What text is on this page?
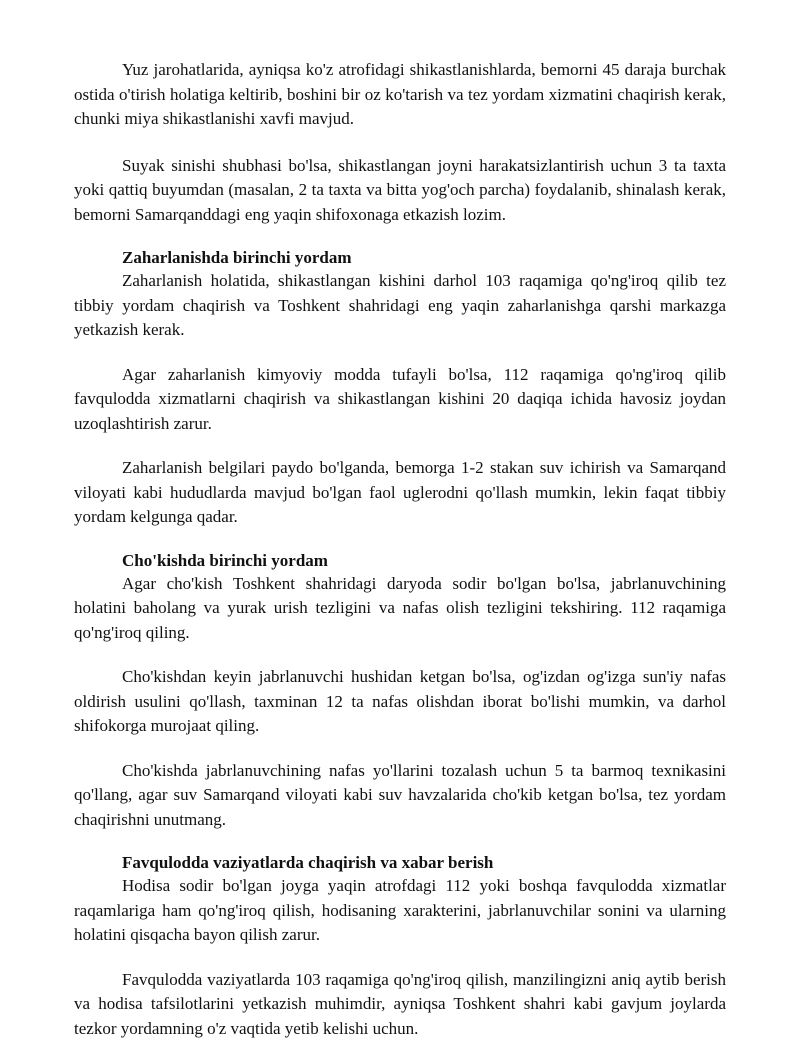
Yuz jarohatlarida, ayniqsa ko'z atrofidagi shikastlanishlarda, bemorni 45 daraja burchak ostida o'tirish holatiga keltirib, boshini bir oz ko'tarish va tez yordam xizmatini chaqirish kerak, chunki miya shikastlanishi xavfi mavjud.

Suyak sinishi shubhasi bo'lsa, shikastlangan joyni harakatsizlantirish uchun 3 ta taxta yoki qattiq buyumdan (masalan, 2 ta taxta va bitta yog'och parcha) foydalanib, shinalash kerak, bemorni Samarqanddagi eng yaqin shifoxonaga etkazish lozim.

Zaharlanishda birinchi yordam

Zaharlanish holatida, shikastlangan kishini darhol 103 raqamiga qo'ng'iroq qilib tez tibbiy yordam chaqirish va Toshkent shahridagi eng yaqin zaharlanishga qarshi markazga yetkazish kerak.

Agar zaharlanish kimyoviy modda tufayli bo'lsa, 112 raqamiga qo'ng'iroq qilib favqulodda xizmatlarni chaqirish va shikastlangan kishini 20 daqiqa ichida havosiz joydan uzoqlashtirish zarur.

Zaharlanish belgilari paydo bo'lganda, bemorga 1-2 stakan suv ichirish va Samarqand viloyati kabi hududlarda mavjud bo'lgan faol uglerodni qo'llash mumkin, lekin faqat tibbiy yordam kelgunga qadar.

Cho'kishda birinchi yordam

Agar cho'kish Toshkent shahridagi daryoda sodir bo'lgan bo'lsa, jabrlanuvchining holatini baholang va yurak urish tezligini va nafas olish tezligini tekshiring. 112 raqamiga qo'ng'iroq qiling.

Cho'kishdan keyin jabrlanuvchi hushidan ketgan bo'lsa, og'izdan og'izga sun'iy nafas oldirish usulini qo'llash, taxminan 12 ta nafas olishdan iborat bo'lishi mumkin, va darhol shifokorga murojaat qiling.

Cho'kishda jabrlanuvchining nafas yo'llarini tozalash uchun 5 ta barmoq texnikasini qo'llang, agar suv Samarqand viloyati kabi suv havzalarida cho'kib ketgan bo'lsa, tez yordam chaqirishni unutmang.

Favqulodda vaziyatlarda chaqirish va xabar berish

Hodisa sodir bo'lgan joyga yaqin atrofdagi 112 yoki boshqa favqulodda xizmatlar raqamlariga ham qo'ng'iroq qilish, hodisaning xarakterini, jabrlanuvchilar sonini va ularning holatini qisqacha bayon qilish zarur.

Favqulodda vaziyatlarda 103 raqamiga qo'ng'iroq qilish, manzilingizni aniq aytib berish va hodisa tafsilotlarini yetkazish muhimdir, ayniqsa Toshkent shahri kabi gavjum joylarda tezkor yordamning o'z vaqtida yetib kelishi uchun.
